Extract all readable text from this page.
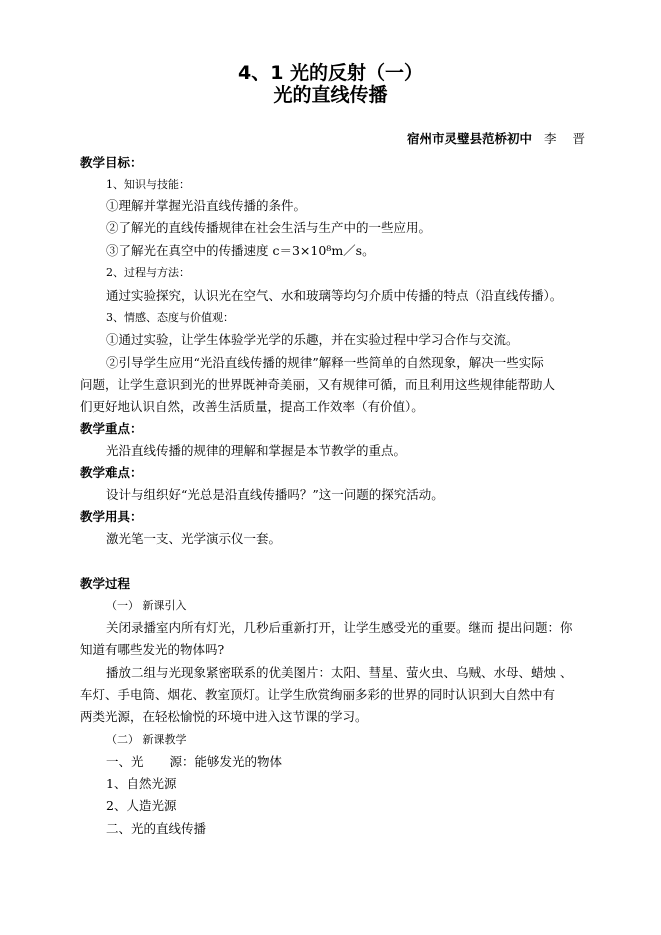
4、1 光的反射（一）
光的直线传播
宿州市灵璧县范桥初中 李 晋
教学目标：
1、知识与技能：
①理解并掌握光沿直线传播的条件。
②了解光的直线传播规律在社会生活与生产中的一些应用。
③了解光在真空中的传播速度 c＝3×10⁸m／s。
2、过程与方法：
通过实验探究，认识光在空气、水和玻璃等均匀介质中传播的特点（沿直线传播）。
3、情感、态度与价值观：
①通过实验，让学生体验学光学的乐趣，并在实验过程中学习合作与交流。
②引导学生应用“光沿直线传播的规律”解释一些简单的自然现象，解决一些实际
问题，让学生意识到光的世界既神奇美丽，又有规律可循，而且利用这些规律能帮助人
们更好地认识自然，改善生活质量，提高工作效率（有价值）。
教学重点：
光沿直线传播的规律的理解和掌握是本节教学的重点。
教学难点：
设计与组织好“光总是沿直线传播吗？”这一问题的探究活动。
教学用具：
激光笔一支、光学演示仪一套。
教学过程
（一） 新课引入
关闭录播室内所有灯光，几秒后重新打开，让学生感受光的重要。继而 提出问题：你
知道有哪些发光的物体吗?
播放二组与光现象紧密联系的优美图片：太阳、彗星、萤火虫、乌贼、水母、蜡烛 、
车灯、手电筒、烟花、教室顶灯。让学生欣赏绚丽多彩的世界的同时认识到大自然中有
两类光源，在轻松愉悦的环境中进入这节课的学习。
（二） 新课教学
一、光 源：能够发光的物体
1、自然光源
2、人造光源
二、光的直线传播
